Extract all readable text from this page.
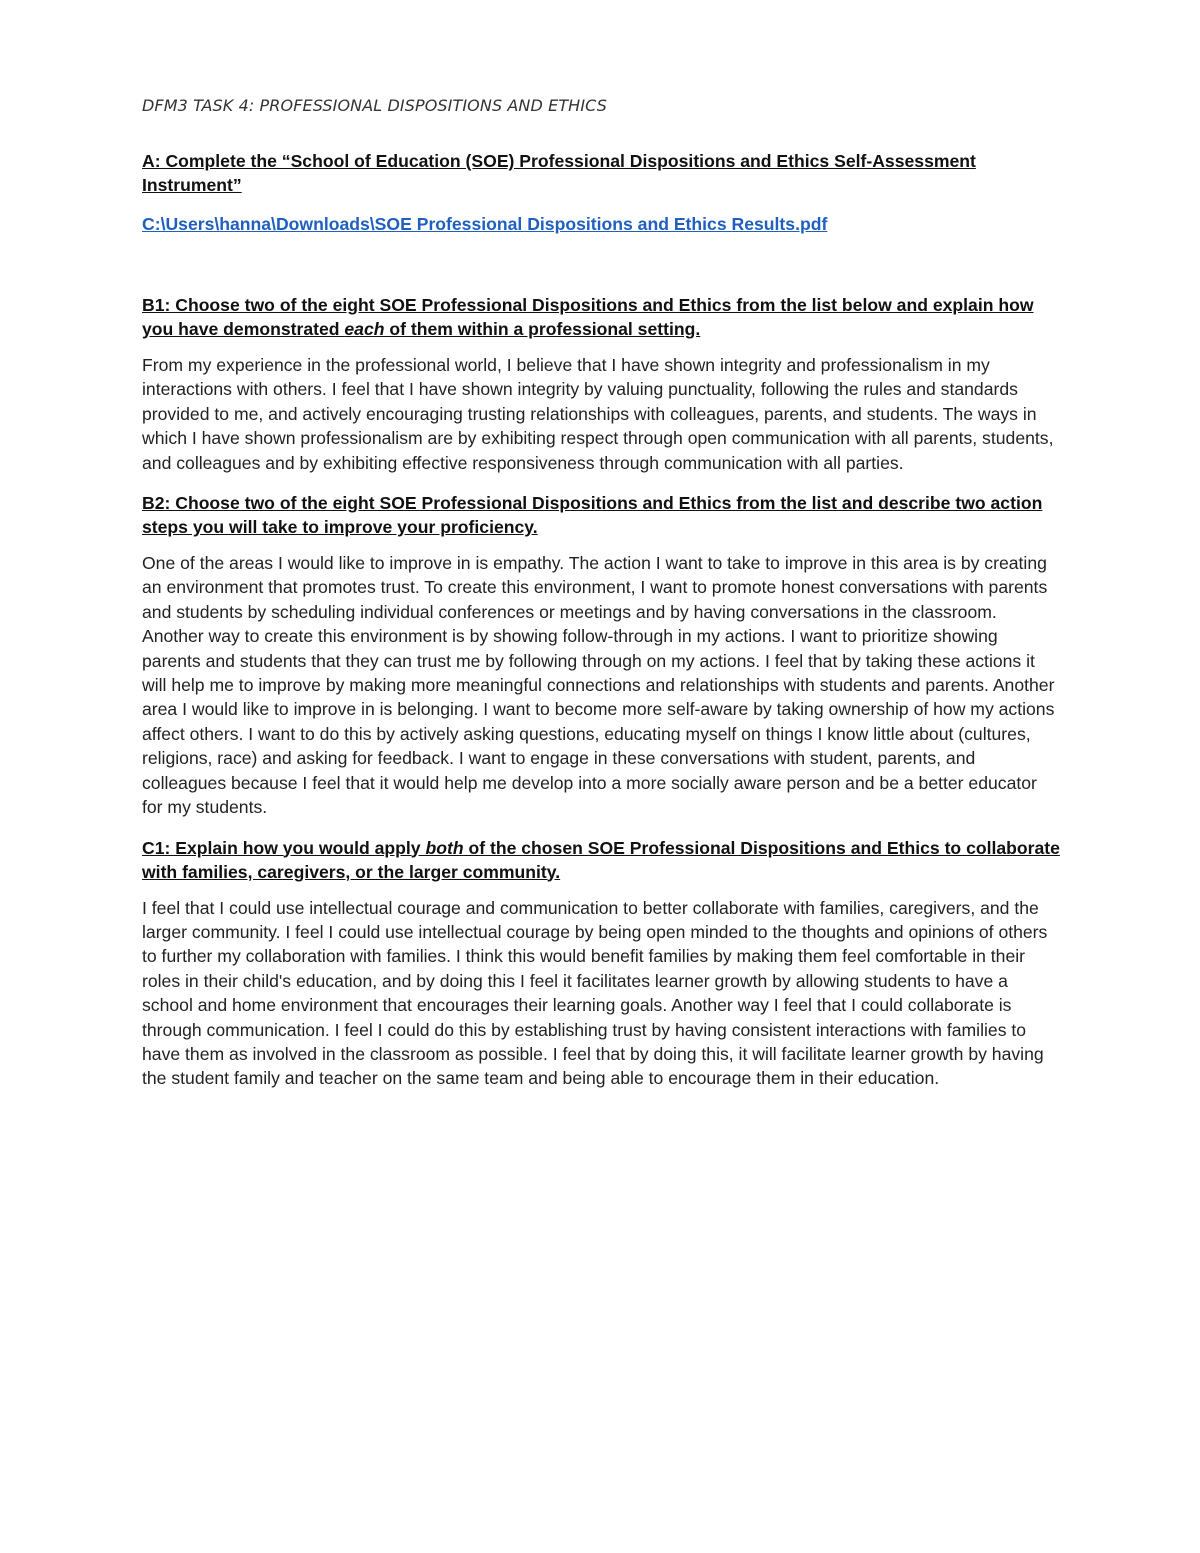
DFM3 TASK 4: PROFESSIONAL DISPOSITIONS AND ETHICS

A: Complete the “School of Education (SOE) Professional Dispositions and Ethics Self-Assessment Instrument”

C:\Users\hanna\Downloads\SOE Professional Dispositions and Ethics Results.pdf

B1: Choose two of the eight SOE Professional Dispositions and Ethics from the list below and explain how you have demonstrated each of them within a professional setting.

From my experience in the professional world, I believe that I have shown integrity and professionalism in my interactions with others. I feel that I have shown integrity by valuing punctuality, following the rules and standards provided to me, and actively encouraging trusting relationships with colleagues, parents, and students. The ways in which I have shown professionalism are by exhibiting respect through open communication with all parents, students, and colleagues and by exhibiting effective responsiveness through communication with all parties.

B2: Choose two of the eight SOE Professional Dispositions and Ethics from the list and describe two action steps you will take to improve your proficiency.

One of the areas I would like to improve in is empathy. The action I want to take to improve in this area is by creating an environment that promotes trust. To create this environment, I want to promote honest conversations with parents and students by scheduling individual conferences or meetings and by having conversations in the classroom. Another way to create this environment is by showing follow-through in my actions. I want to prioritize showing parents and students that they can trust me by following through on my actions. I feel that by taking these actions it will help me to improve by making more meaningful connections and relationships with students and parents. Another area I would like to improve in is belonging. I want to become more self-aware by taking ownership of how my actions affect others. I want to do this by actively asking questions, educating myself on things I know little about (cultures, religions, race) and asking for feedback. I want to engage in these conversations with student, parents, and colleagues because I feel that it would help me develop into a more socially aware person and be a better educator for my students.

C1: Explain how you would apply both of the chosen SOE Professional Dispositions and Ethics to collaborate with families, caregivers, or the larger community.

I feel that I could use intellectual courage and communication to better collaborate with families, caregivers, and the larger community. I feel I could use intellectual courage by being open minded to the thoughts and opinions of others to further my collaboration with families. I think this would benefit families by making them feel comfortable in their roles in their child's education, and by doing this I feel it facilitates learner growth by allowing students to have a school and home environment that encourages their learning goals. Another way I feel that I could collaborate is through communication. I feel I could do this by establishing trust by having consistent interactions with families to have them as involved in the classroom as possible. I feel that by doing this, it will facilitate learner growth by having the student family and teacher on the same team and being able to encourage them in their education.
